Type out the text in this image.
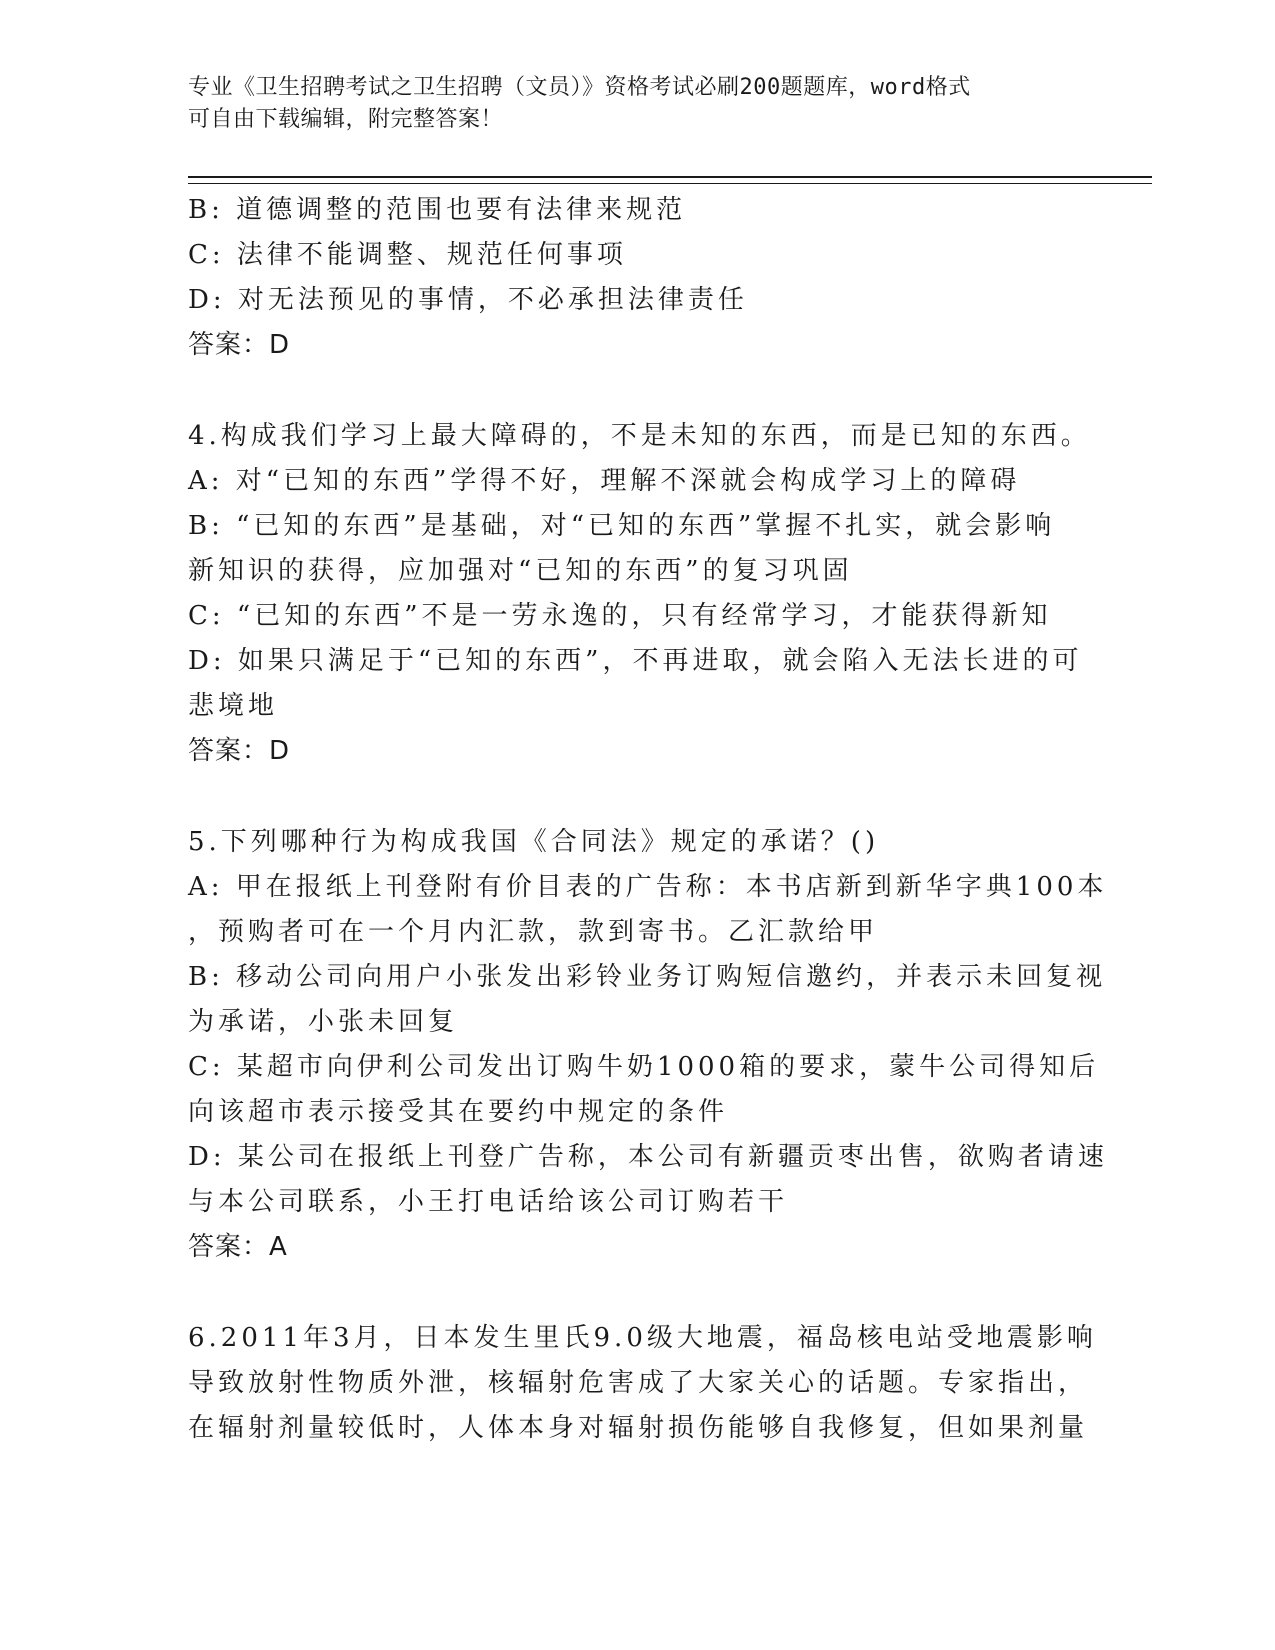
专业《卫生招聘考试之卫生招聘（文员）》资格考试必刷200题题库，word格式
可自由下载编辑，附完整答案！
B: 道德调整的范围也要有法律来规范
C: 法律不能调整、规范任何事项
D: 对无法预见的事情，不必承担法律责任
答案：D
4.构成我们学习上最大障碍的，不是未知的东西，而是已知的东西。
A: 对“已知的东西”学得不好，理解不深就会构成学习上的障碍
B: “已知的东西”是基础，对“已知的东西”掌握不扎实，就会影响
新知识的获得，应加强对“已知的东西”的复习巩固
C: “已知的东西”不是一劳永逸的，只有经常学习，才能获得新知
D: 如果只满足于“已知的东西”，不再进取，就会陷入无法长进的可
悲境地
答案：D
5.下列哪种行为构成我国《合同法》规定的承诺？()
A: 甲在报纸上刊登附有价目表的广告称：本书店新到新华字典100本
，预购者可在一个月内汇款，款到寄书。乙汇款给甲
B: 移动公司向用户小张发出彩铃业务订购短信邀约，并表示未回复视
为承诺，小张未回复
C: 某超市向伊利公司发出订购牛奶1000箱的要求，蒙牛公司得知后
向该超市表示接受其在要约中规定的条件
D: 某公司在报纸上刊登广告称，本公司有新疆贡枣出售，欲购者请速
与本公司联系，小王打电话给该公司订购若干
答案：A
6.2011年3月，日本发生里氏9.0级大地震，福岛核电站受地震影响
导致放射性物质外泄，核辐射危害成了大家关心的话题。专家指出，
在辐射剂量较低时，人体本身对辐射损伤能够自我修复，但如果剂量
